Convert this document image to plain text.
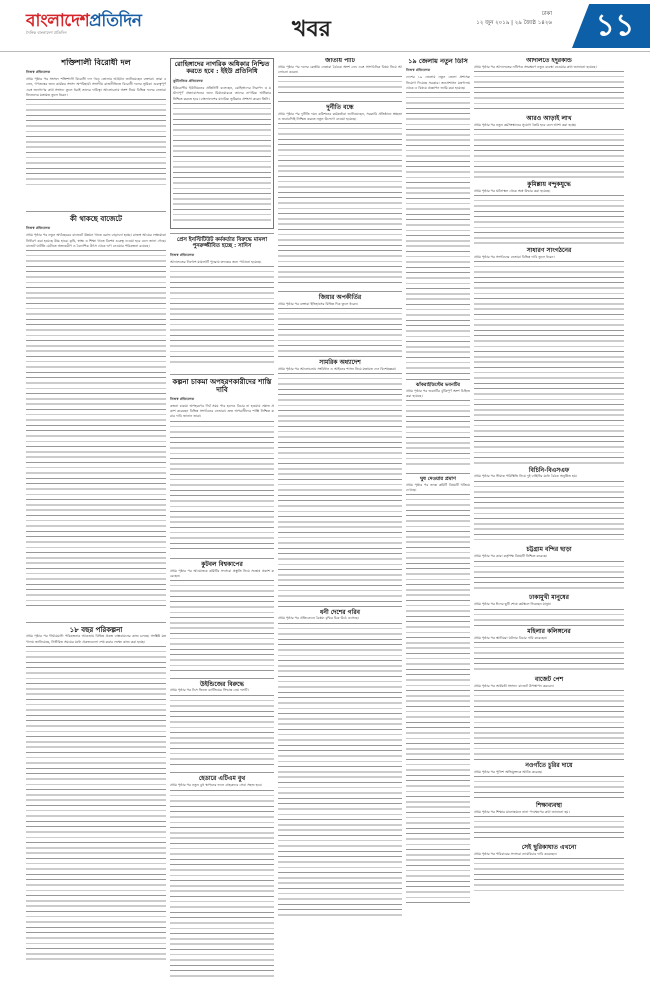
বাংলাদেশপ্রতিদিন
দৈনিক বাংলাদেশ প্রতিদিন	খবর
ঢাকা
১২ জুন ২০১৯ | ২৯ জ্যৈষ্ঠ ১৪২৬	১১
শক্তিশালী বিরোধী দল
নিজস্ব প্রতিবেদক

প্রথম পৃষ্ঠার পর সংসদে শক্তিশালী বিরোধী দল গড়ে তোলার আহ্বান জানিয়েছেন বক্তারা। তারা বলেন, গণতন্ত্রের জন্য কার্যকর সংসদ অপরিহার্য। সংসদীয় রাজনীতিতে বিরোধী দলের ভূমিকা গুরুত্বপূর্ণ এবং জনগণের কথা সংসদে তুলে ধরাই তাদের দায়িত্ব। আলোচনায় অংশ নিয়ে বিভিন্ন দলের নেতারা নিজেদের মতামত তুলে ধরেন।

কী থাকছে বাজেটে
নিজস্ব প্রতিবেদক

প্রথম পৃষ্ঠার পর নতুন অর্থবছরের বাজেটে উন্নয়ন খাতে বরাদ্দ বাড়ানো হচ্ছে। রাজস্ব আয়ের লক্ষ্যমাত্রা নির্ধারণ করা হয়েছে উচ্চ হারে। কৃষি, স্বাস্থ্য ও শিক্ষা খাতে বিশেষ গুরুত্ব দেওয়া হবে বলে জানা গেছে। বাজেট ঘাটতি মেটাতে অভ্যন্তরীণ ও বৈদেশিক উৎস থেকে ঋণ নেওয়ার পরিকল্পনা রয়েছে।

১৮ বছর পরিকল্পনা

প্রথম পৃষ্ঠার পর দীর্ঘমেয়াদি পরিকল্পনার আওতায় বিভিন্ন প্রকল্প বাস্তবায়নের কাজ চলছে। সংশ্লিষ্ট মন্ত্রণালয় জানিয়েছে, নির্ধারিত সময়ের মধ্যে প্রকল্পগুলো শেষ করার লক্ষ্যে কাজ করা হচ্ছে।

রোহিঙ্গাদের নাগরিক অধিকার নিশ্চিত করতে হবে : ইইউ প্রতিনিধি
কূটনৈতিক প্রতিবেদক

ইউরোপীয় ইউনিয়নের প্রতিনিধি বলেছেন, রোহিঙ্গাদের নিরাপদ ও মর্যাদাপূর্ণ প্রত্যাবাসনের জন্য মিয়ানমারকে তাদের নাগরিক অধিকার নিশ্চিত করতে হবে। বাংলাদেশের মানবিক ভূমিকার প্রশংসা করেন তিনি।

প্রেস ইনস্টিটিউট কর্মকর্তার বিরুদ্ধে মামলা পুনরুজ্জীবিত হচ্ছে : সাদিস
নিজস্ব প্রতিবেদক

আদালতের নির্দেশে মামলাটি পুনরায় তদন্তের জন্য পাঠানো হয়েছে।

কল্পনা চাকমা অপহরণকারীদের শাস্তি দাবি
নিজস্ব প্রতিবেদক

কল্পনা চাকমা অপহরণের দীর্ঘ সময় পার হলেও বিচার না হওয়ায় ক্ষোভ প্রকাশ করেছেন বিভিন্ন সংগঠনের নেতারা। দ্রুত অপরাধীদের শাস্তি নিশ্চিত করার দাবি জানান তারা।

কুটবল বিশ্বকাপের

প্রথম পৃষ্ঠার পর আয়োজক কমিটির সদস্যরা প্রস্তুতি নিয়ে সন্তোষ প্রকাশ করেছেন।

উইন্ডিজের বিরুদ্ধে

প্রথম পৃষ্ঠার পর টসে জিতে ব্যাটিংয়ের সিদ্ধান্ত নেয় দলটি।

হেডারে এটিএম বুথ

প্রথম পৃষ্ঠার পর নতুন বুথ স্থাপনের ফলে গ্রাহকদের সেবা সহজ হবে।

জাতীয় পার্টি

প্রথম পৃষ্ঠার পর দলের কেন্দ্রীয় নেতারা বৈঠকে অংশ নেন এবং সাংগঠনিক বিষয় নিয়ে আলোচনা করেন।

দুর্নীতি বন্ধে

প্রথম পৃষ্ঠার পর দুর্নীতি দমন কমিশনের কর্মকর্তারা জানিয়েছেন, সরকারি প্রতিষ্ঠানে স্বচ্ছতা ও জবাবদিহি নিশ্চিত করতে নতুন উদ্যোগ নেওয়া হয়েছে।

জিয়ার অপকীর্তির

প্রথম পৃষ্ঠার পর বক্তারা ইতিহাসের বিভিন্ন দিক তুলে ধরেন।

সামরিক অধ্যাদেশ

প্রথম পৃষ্ঠার পর আলোচনায় সংবিধান ও আইনের শাসন নিয়ে মতামত দেন বিশেষজ্ঞরা।

ধনী দেশের গরিব

প্রথম পৃষ্ঠার পর প্রতিবেদনে বৈষম্য বৃদ্ধির চিত্র উঠে এসেছে।

১৯ জেলায় নতুন ডিসি
নিজস্ব প্রতিবেদক

দেশের ১৯ জেলায় নতুন জেলা প্রশাসক নিয়োগ দিয়েছে সরকার। জনপ্রশাসন মন্ত্রণালয় থেকে এ বিষয়ে প্রজ্ঞাপন জারি করা হয়েছে।

ঝাঁকরাইডিস্টের ভবনটির

প্রথম পৃষ্ঠার পর ভবনটির ঝুঁকিপূর্ণ অংশ চিহ্নিত করা হয়েছে।

ঘুষ দেওয়ার প্রমাণ

প্রথম পৃষ্ঠার পর তদন্ত কমিটি বিষয়টি খতিয়ে দেখছে।

আদালতে ইঁদুরকান্ড

প্রথম পৃষ্ঠার পর আদালতের নথিপত্র সংরক্ষণে নতুন ব্যবস্থা নেওয়ার কথা জানানো হয়েছে।

আরও আড়াই লাখ

প্রথম পৃষ্ঠার পর নতুন কর্মসংস্থানের সুযোগ তৈরি হবে বলে আশা করা হচ্ছে।

কুমিল্লায় বন্দুকযুদ্ধে

প্রথম পৃষ্ঠার পর ঘটনাস্থল থেকে অস্ত্র উদ্ধার করা হয়েছে।

সাধারণ সাংগঠনের

প্রথম পৃষ্ঠার পর সংগঠনের নেতারা বিভিন্ন দাবি তুলে ধরেন।

বিচিনি-বিএসএফ

প্রথম পৃষ্ঠার পর সীমান্ত পরিস্থিতি নিয়ে দুই বাহিনীর মধ্যে বৈঠক অনুষ্ঠিত হয়।

চট্টগ্রাম বন্দির ছাড়া

প্রথম পৃষ্ঠার পর কারা কর্তৃপক্ষ বিষয়টি নিশ্চিত করেছে।

ঢাকামুখী মানুষের

প্রথম পৃষ্ঠার পর ঈদের ছুটি শেষে কর্মস্থলে ফিরছেন মানুষ।

মহিলার কলিঙ্গনের

প্রথম পৃষ্ঠার পর স্থানীয়রা ঘটনার বিচার দাবি করেছেন।

বাজেট পেশ

প্রথম পৃষ্ঠার পর অর্থমন্ত্রী সংসদে বাজেট উপস্থাপন করবেন।

নওগাঁতে চুরির দায়ে

প্রথম পৃষ্ঠার পর পুলিশ অভিযুক্তকে আটক করেছে।

শিক্ষাব্যবস্থা

প্রথম পৃষ্ঠার পর শিক্ষার মানোন্নয়নে নানা পদক্ষেপের কথা জানানো হয়।

সেই ছুরিকাঘাত এখনো

প্রথম পৃষ্ঠার পর পরিবারের সদস্যরা ন্যায়বিচার দাবি করেছেন।
